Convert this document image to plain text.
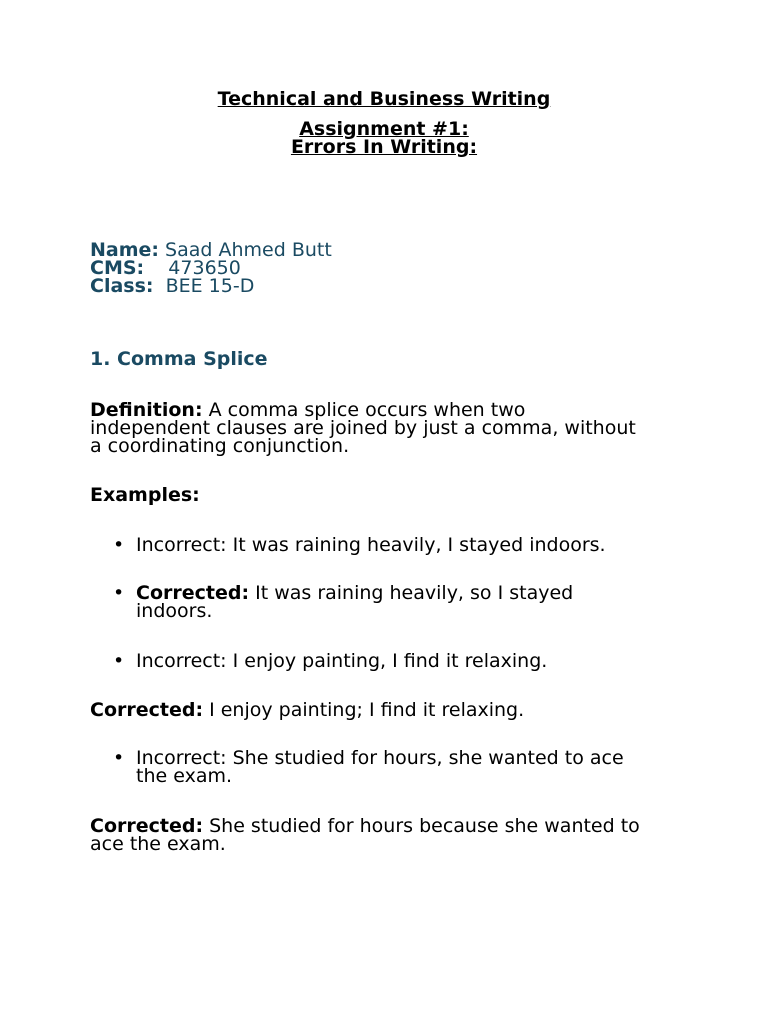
Technical and Business Writing
Assignment #1:
Errors In Writing:
Name: Saad Ahmed Butt
CMS:    473650
Class:  BEE 15-D
1. Comma Splice
Definition: A comma splice occurs when two
independent clauses are joined by just a comma, without
a coordinating conjunction.
Examples:
• Incorrect: It was raining heavily, I stayed indoors.
• Corrected: It was raining heavily, so I stayed
indoors.
• Incorrect: I enjoy painting, I find it relaxing.
Corrected: I enjoy painting; I find it relaxing.
• Incorrect: She studied for hours, she wanted to ace
the exam.
Corrected: She studied for hours because she wanted to
ace the exam.
